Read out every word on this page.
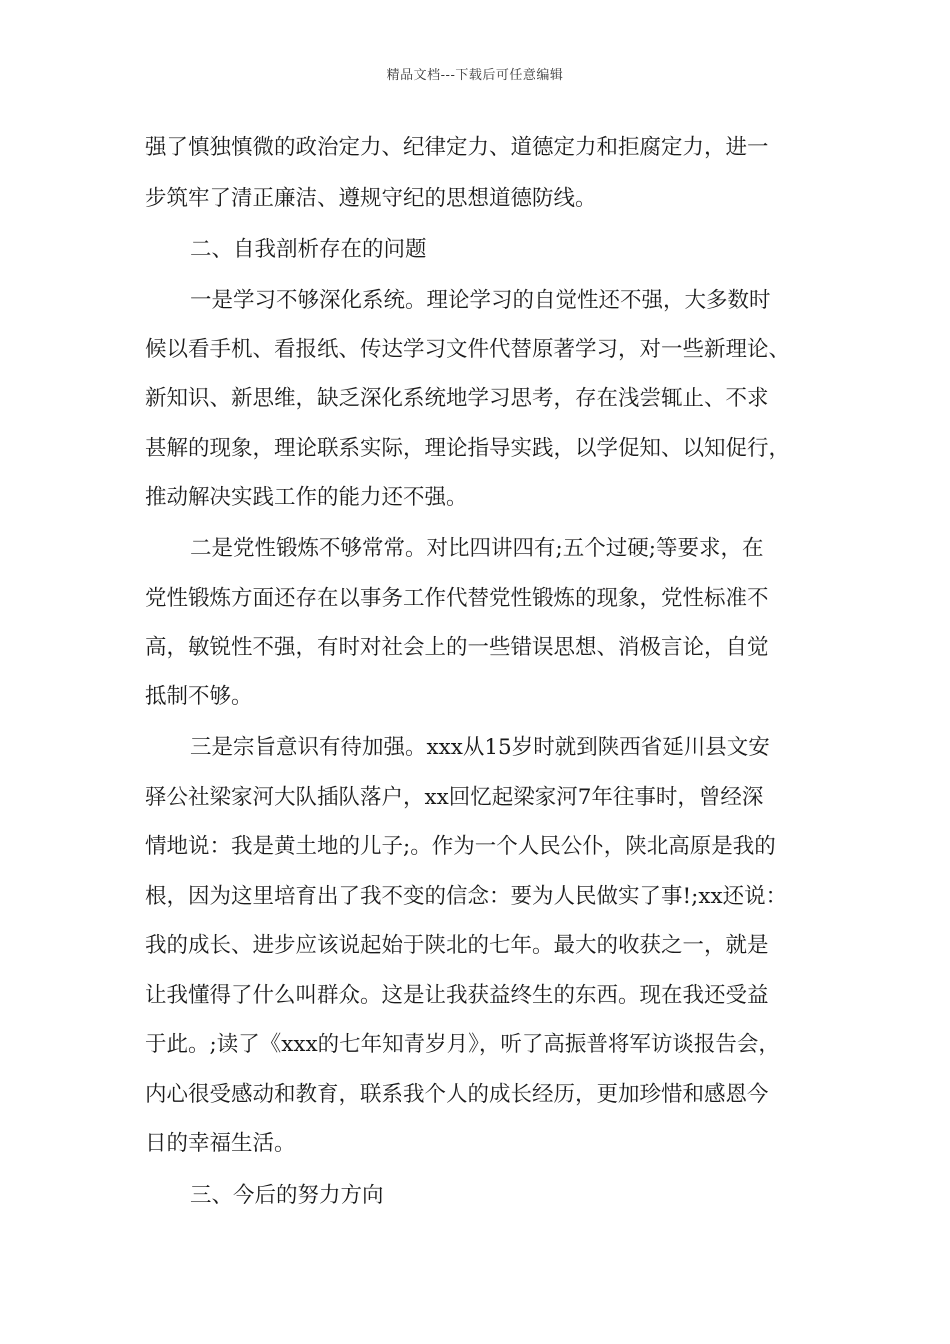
精品文档---下载后可任意编辑
强了慎独慎微的政治定力、纪律定力、道德定力和拒腐定力，进一
步筑牢了清正廉洁、遵规守纪的思想道德防线。
二、自我剖析存在的问题
一是学习不够深化系统。理论学习的自觉性还不强，大多数时
候以看手机、看报纸、传达学习文件代替原著学习，对一些新理论、
新知识、新思维，缺乏深化系统地学习思考，存在浅尝辄止、不求
甚解的现象，理论联系实际，理论指导实践，以学促知、以知促行，
推动解决实践工作的能力还不强。
二是党性锻炼不够常常。对比四讲四有;五个过硬;等要求，在
党性锻炼方面还存在以事务工作代替党性锻炼的现象，党性标准不
高，敏锐性不强，有时对社会上的一些错误思想、消极言论，自觉
抵制不够。
三是宗旨意识有待加强。xxx从15岁时就到陕西省延川县文安
驿公社梁家河大队插队落户，xx回忆起梁家河7年往事时，曾经深
情地说：我是黄土地的儿子;。作为一个人民公仆，陕北高原是我的
根，因为这里培育出了我不变的信念：要为人民做实了事!;xx还说：
我的成长、进步应该说起始于陕北的七年。最大的收获之一，就是
让我懂得了什么叫群众。这是让我获益终生的东西。现在我还受益
于此。;读了《xxx的七年知青岁月》，听了高振普将军访谈报告会，
内心很受感动和教育，联系我个人的成长经历，更加珍惜和感恩今
日的幸福生活。
三、今后的努力方向
